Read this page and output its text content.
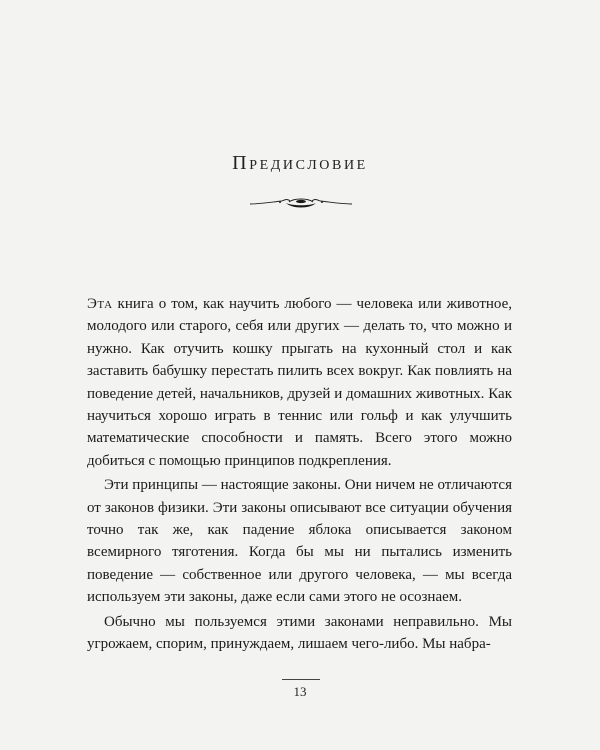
Предисловие

Эта книга о том, как научить любого — человека или животное, молодого или старого, себя или других — делать то, что можно и нужно. Как отучить кошку прыгать на кухонный стол и как заставить бабушку перестать пилить всех вокруг. Как повлиять на поведение детей, начальников, друзей и домашних животных. Как научиться хорошо играть в теннис или гольф и как улучшить математические способности и память. Всего этого можно добиться с помощью принципов подкрепления.

Эти принципы — настоящие законы. Они ничем не отличаются от законов физики. Эти законы описывают все ситуации обучения точно так же, как падение яблока описывается законом всемирного тяготения. Когда бы мы ни пытались изменить поведение — собственное или другого человека, — мы всегда используем эти законы, даже если сами этого не осознаем.

Обычно мы пользуемся этими законами неправильно. Мы угрожаем, спорим, принуждаем, лишаем чего-либо. Мы набра-

13
